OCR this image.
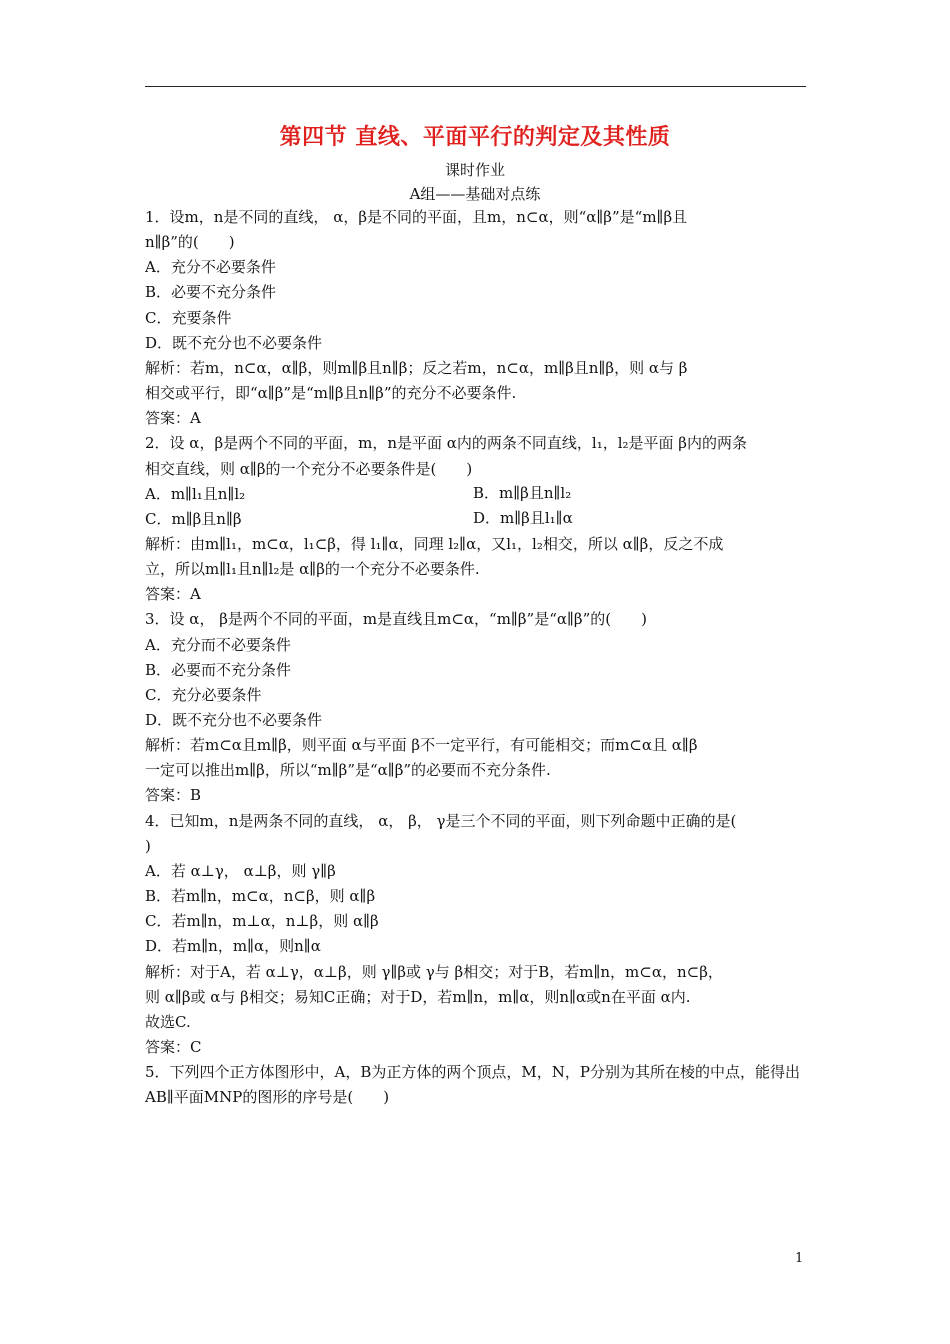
第四节 直线、平面平行的判定及其性质
课时作业
A组——基础对点练
1．设m，n是不同的直线， α，β是不同的平面，且m，n⊂α，则“α∥β”是“m∥β且
n∥β”的(　　)
A．充分不必要条件
B．必要不充分条件
C．充要条件
D．既不充分也不必要条件
解析：若m，n⊂α，α∥β，则m∥β且n∥β；反之若m，n⊂α，m∥β且n∥β，则 α与 β
相交或平行，即“α∥β”是“m∥β且n∥β”的充分不必要条件.
答案：A
2．设 α，β是两个不同的平面，m，n是平面 α内的两条不同直线，l₁，l₂是平面 β内的两条
相交直线，则 α∥β的一个充分不必要条件是(　　)
A．m∥l₁且n∥l₂
C．m∥β且n∥β
解析：由m∥l₁，m⊂α，l₁⊂β，得 l₁∥α，同理 l₂∥α，又l₁，l₂相交，所以 α∥β，反之不成
立，所以m∥l₁且n∥l₂是 α∥β的一个充分不必要条件.
答案：A
3．设 α， β是两个不同的平面，m是直线且m⊂α，“m∥β”是“α∥β”的(　　)
A．充分而不必要条件
B．必要而不充分条件
C．充分必要条件
D．既不充分也不必要条件
解析：若m⊂α且m∥β，则平面 α与平面 β不一定平行，有可能相交；而m⊂α且 α∥β
一定可以推出m∥β，所以“m∥β”是“α∥β”的必要而不充分条件.
答案：B
4．已知m，n是两条不同的直线， α， β， γ是三个不同的平面，则下列命题中正确的是(
)
A．若 α⊥γ， α⊥β，则 γ∥β
B．若m∥n，m⊂α，n⊂β，则 α∥β
C．若m∥n，m⊥α，n⊥β，则 α∥β
D．若m∥n，m∥α，则n∥α
解析：对于A，若 α⊥γ，α⊥β，则 γ∥β或 γ与 β相交；对于B，若m∥n，m⊂α，n⊂β，
则 α∥β或 α与 β相交；易知C正确；对于D，若m∥n，m∥α，则n∥α或n在平面 α内.
故选C.
答案：C
5．下列四个正方体图形中，A，B为正方体的两个顶点，M，N，P分别为其所在棱的中点，能得出
AB∥平面MNP的图形的序号是(　　)
B．m∥β且n∥l₂
D．m∥β且l₁∥α
1
